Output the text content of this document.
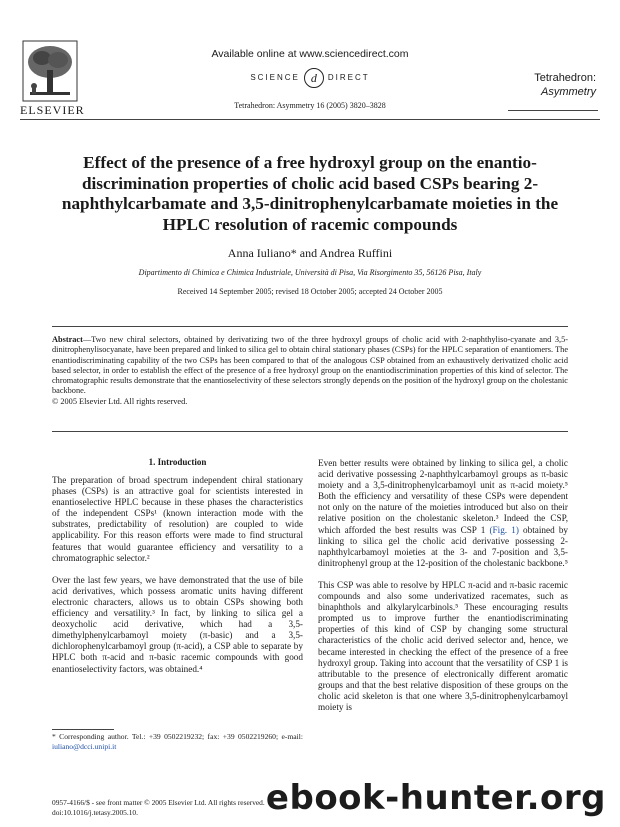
ELSEVIER
Available online at www.sciencedirect.com
SCIENCE d DIRECT
Tetrahedron: Asymmetry 16 (2005) 3820–3828
Tetrahedron:
Asymmetry
Effect of the presence of a free hydroxyl group on the enantio-discrimination properties of cholic acid based CSPs bearing 2-naphthylcarbamate and 3,5-dinitrophenylcarbamate moieties in the HPLC resolution of racemic compounds
Anna Iuliano* and Andrea Ruffini
Dipartimento di Chimica e Chimica Industriale, Università di Pisa, Via Risorgimento 35, 56126 Pisa, Italy
Received 14 September 2005; revised 18 October 2005; accepted 24 October 2005
Abstract—Two new chiral selectors, obtained by derivatizing two of the three hydroxyl groups of cholic acid with 2-naphthyliso-cyanate and 3,5-dinitrophenylisocyanate, have been prepared and linked to silica gel to obtain chiral stationary phases (CSPs) for the HPLC separation of enantiomers. The enantiodiscriminating capability of the two CSPs has been compared to that of the analogous CSP obtained from an exhaustively derivatized cholic acid based selector, in order to establish the effect of the presence of a free hydroxyl group on the enantiodiscrimination properties of this kind of selector. The chromatographic results demonstrate that the enantioselectivity of these selectors strongly depends on the position of the hydroxyl group on the cholestanic backbone.
© 2005 Elsevier Ltd. All rights reserved.
1. Introduction

The preparation of broad spectrum independent chiral stationary phases (CSPs) is an attractive goal for scientists interested in enantioselective HPLC because in these phases the characteristics of the independent CSPs¹ (known interaction mode with the substrates, predictability of resolution) are coupled to wide applicability. For this reason efforts were made to find structural features that would guarantee efficiency and versatility to a chromatographic selector.²

Over the last few years, we have demonstrated that the use of bile acid derivatives, which possess aromatic units having different electronic characters, allows us to obtain CSPs showing both efficiency and versatility.³ In fact, by linking to silica gel a deoxycholic acid derivative, which had a 3,5-dimethylphenylcarbamoyl moiety (π-basic) and a 3,5-dichlorophenylcarbamoyl group (π-acid), a CSP able to separate by HPLC both π-acid and π-basic racemic compounds with good enantioselectivity factors, was obtained.⁴

Even better results were obtained by linking to silica gel, a cholic acid derivative possessing 2-naphthylcarbamoyl groups as π-basic moiety and a 3,5-dinitrophenylcarbamoyl unit as π-acid moiety.⁵ Both the efficiency and versatility of these CSPs were dependent not only on the nature of the moieties introduced but also on their relative position on the cholestanic skeleton.³ Indeed the CSP, which afforded the best results was CSP 1 (Fig. 1) obtained by linking to silica gel the cholic acid derivative possessing 2-naphthylcarbamoyl moieties at the 3- and 7-position and 3,5-dinitrophenyl group at the 12-position of the cholestanic backbone.⁵

This CSP was able to resolve by HPLC π-acid and π-basic racemic compounds and also some underivatized racemates, such as binaphthols and alkylarylcarbinols.⁵ These encouraging results prompted us to improve further the enantiodiscriminating properties of this kind of CSP by changing some structural characteristics of the cholic acid derived selector and, hence, we became interested in checking the effect of the presence of a free hydroxyl group. Taking into account that the versatility of CSP 1 is attributable to the presence of electronically different aromatic groups and that the best relative disposition of these groups on the cholic acid skeleton is that one where 3,5-dinitrophenylcarbamoyl moiety is

* Corresponding author. Tel.: +39 0502219232; fax: +39 0502219260; e-mail: iuliano@dcci.unipi.it
0957-4166/$ - see front matter © 2005 Elsevier Ltd. All rights reserved.
doi:10.1016/j.tetasy.2005.10.	ebook-hunter.org
